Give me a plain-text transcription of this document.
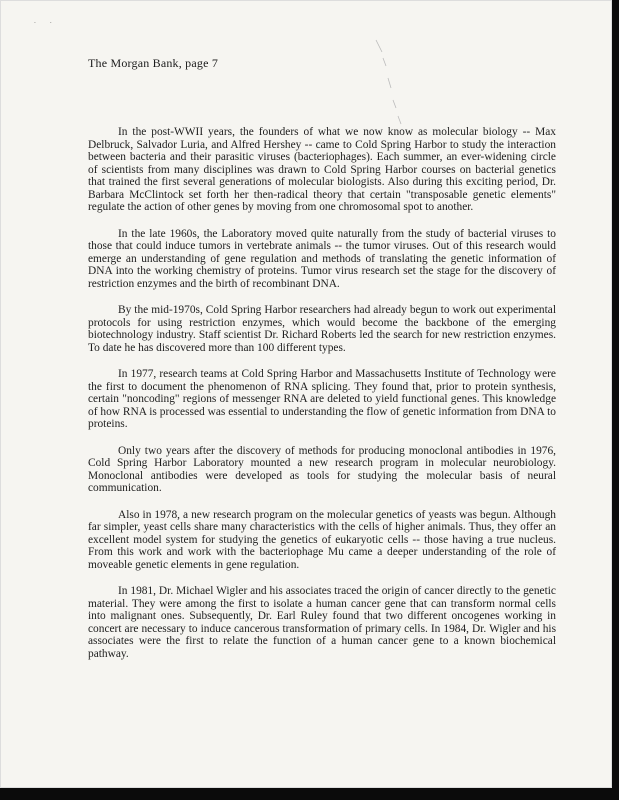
· ·
The Morgan Bank, page 7

In the post-WWII years, the founders of what we now know as molecular biology -- Max Delbruck, Salvador Luria, and Alfred Hershey -- came to Cold Spring Harbor to study the interaction between bacteria and their parasitic viruses (bacteriophages). Each summer, an ever-widening circle of scientists from many disciplines was drawn to Cold Spring Harbor courses on bacterial genetics that trained the first several generations of molecular biologists. Also during this exciting period, Dr. Barbara McClintock set forth her then-radical theory that certain "transposable genetic elements" regulate the action of other genes by moving from one chromosomal spot to another.

In the late 1960s, the Laboratory moved quite naturally from the study of bacterial viruses to those that could induce tumors in vertebrate animals -- the tumor viruses. Out of this research would emerge an understanding of gene regulation and methods of translating the genetic information of DNA into the working chemistry of proteins. Tumor virus research set the stage for the discovery of restriction enzymes and the birth of recombinant DNA.

By the mid-1970s, Cold Spring Harbor researchers had already begun to work out experimental protocols for using restriction enzymes, which would become the backbone of the emerging biotechnology industry. Staff scientist Dr. Richard Roberts led the search for new restriction enzymes. To date he has discovered more than 100 different types.

In 1977, research teams at Cold Spring Harbor and Massachusetts Institute of Technology were the first to document the phenomenon of RNA splicing. They found that, prior to protein synthesis, certain "noncoding" regions of messenger RNA are deleted to yield functional genes. This knowledge of how RNA is processed was essential to understanding the flow of genetic information from DNA to proteins.

Only two years after the discovery of methods for producing monoclonal antibodies in 1976, Cold Spring Harbor Laboratory mounted a new research program in molecular neurobiology. Monoclonal antibodies were developed as tools for studying the molecular basis of neural communication.

Also in 1978, a new research program on the molecular genetics of yeasts was begun. Although far simpler, yeast cells share many characteristics with the cells of higher animals. Thus, they offer an excellent model system for studying the genetics of eukaryotic cells -- those having a true nucleus. From this work and work with the bacteriophage Mu came a deeper understanding of the role of moveable genetic elements in gene regulation.

In 1981, Dr. Michael Wigler and his associates traced the origin of cancer directly to the genetic material. They were among the first to isolate a human cancer gene that can transform normal cells into malignant ones. Subsequently, Dr. Earl Ruley found that two different oncogenes working in concert are necessary to induce cancerous transformation of primary cells. In 1984, Dr. Wigler and his associates were the first to relate the function of a human cancer gene to a known biochemical pathway.
